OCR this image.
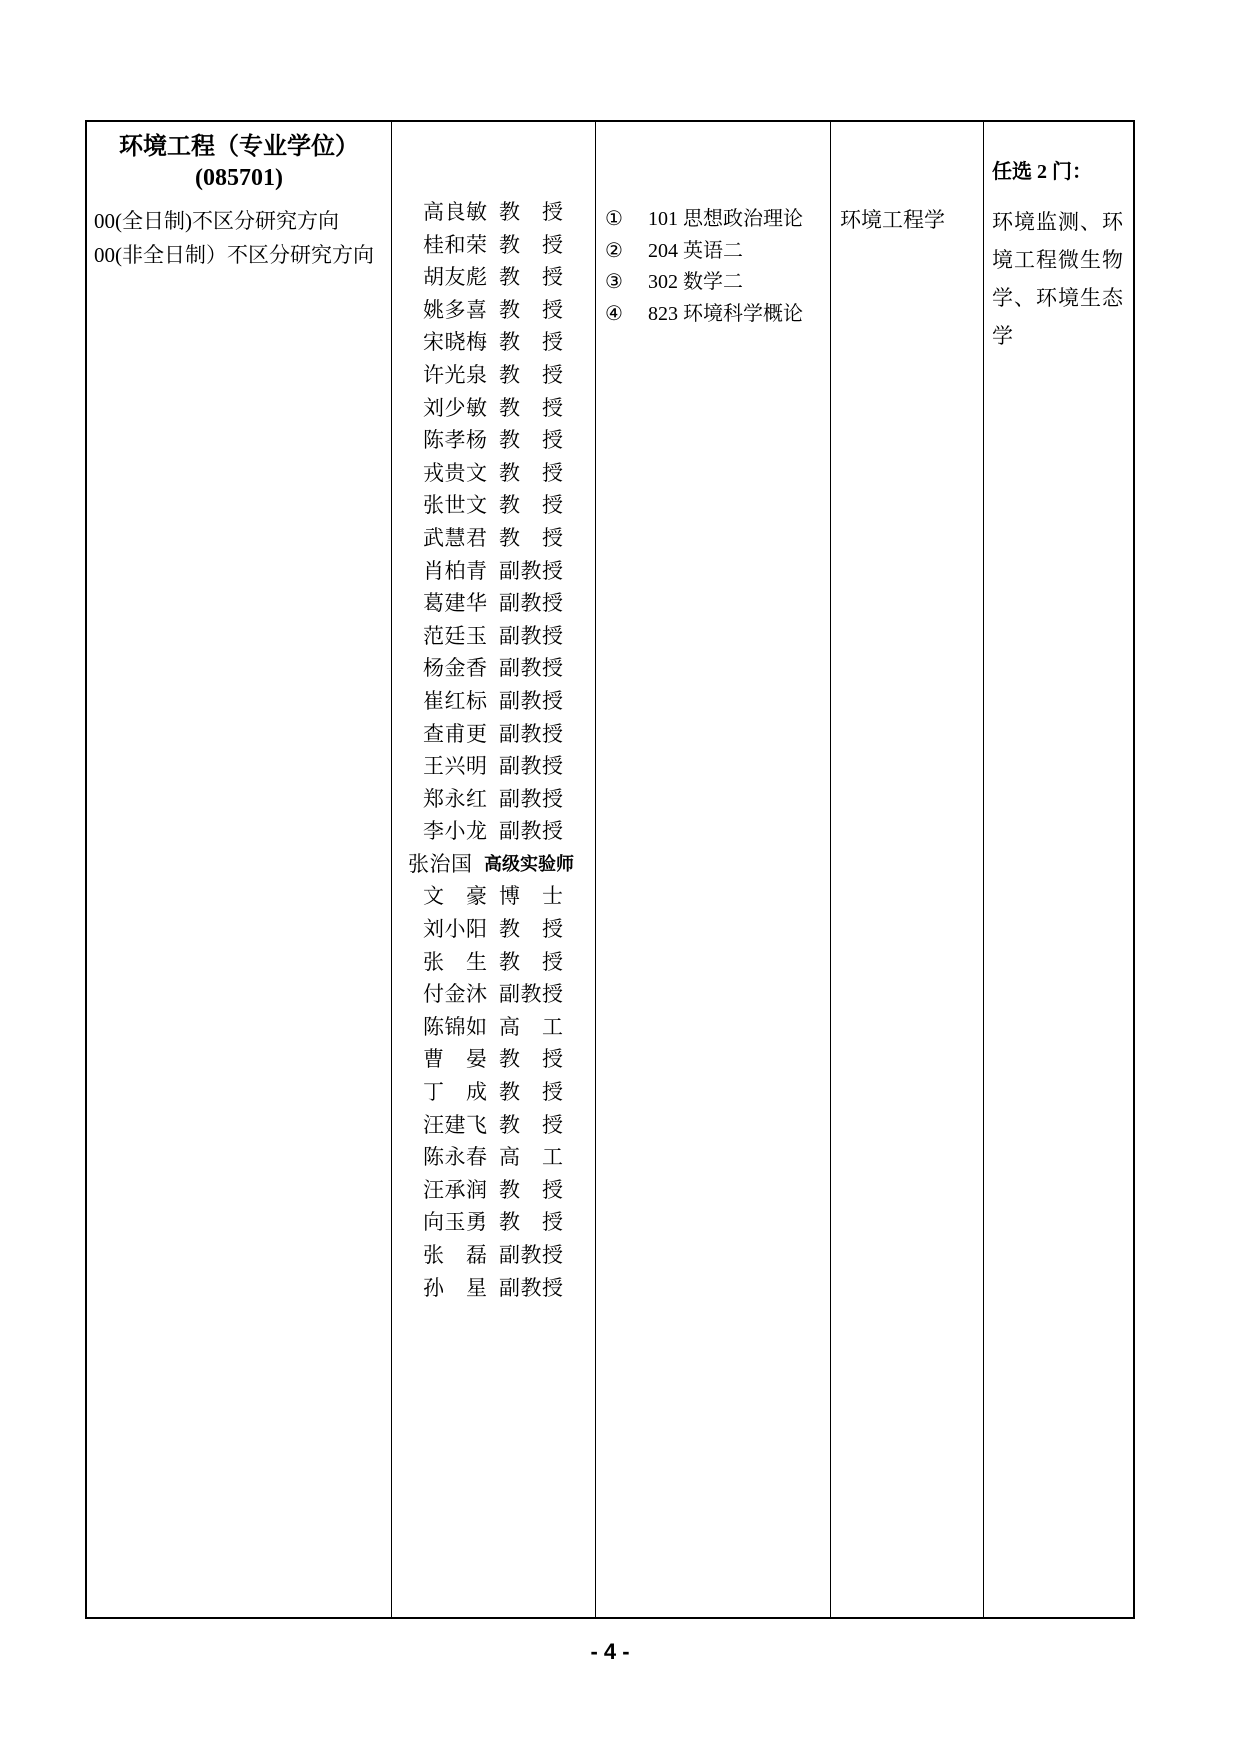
环境工程（专业学位）
(085701)
00(全日制)不区分研究方向
00(非全日制）不区分研究方向
高良敏 教 授
桂和荣 教 授
胡友彪 教 授
姚多喜 教 授
宋晓梅 教 授
许光泉 教 授
刘少敏 教 授
陈孝杨 教 授
戎贵文 教 授
张世文 教 授
武慧君 教 授
肖柏青 副教授
葛建华 副教授
范廷玉 副教授
杨金香 副教授
崔红标 副教授
查甫更 副教授
王兴明 副教授
郑永红 副教授
李小龙 副教授
张治国 高级实验师
文 豪 博 士
刘小阳 教 授
张 生 教 授
付金沐 副教授
陈锦如 高 工
曹 晏 教 授
丁 成 教 授
汪建飞 教 授
陈永春 高 工
汪承润 教 授
向玉勇 教 授
张 磊 副教授
孙 星 副教授
① 101 思想政治理论
② 204 英语二
③ 302 数学二
④ 823 环境科学概论
环境工程学
任选 2 门：
环境监测、环境工程微生物学、环境生态学
- 4 -
